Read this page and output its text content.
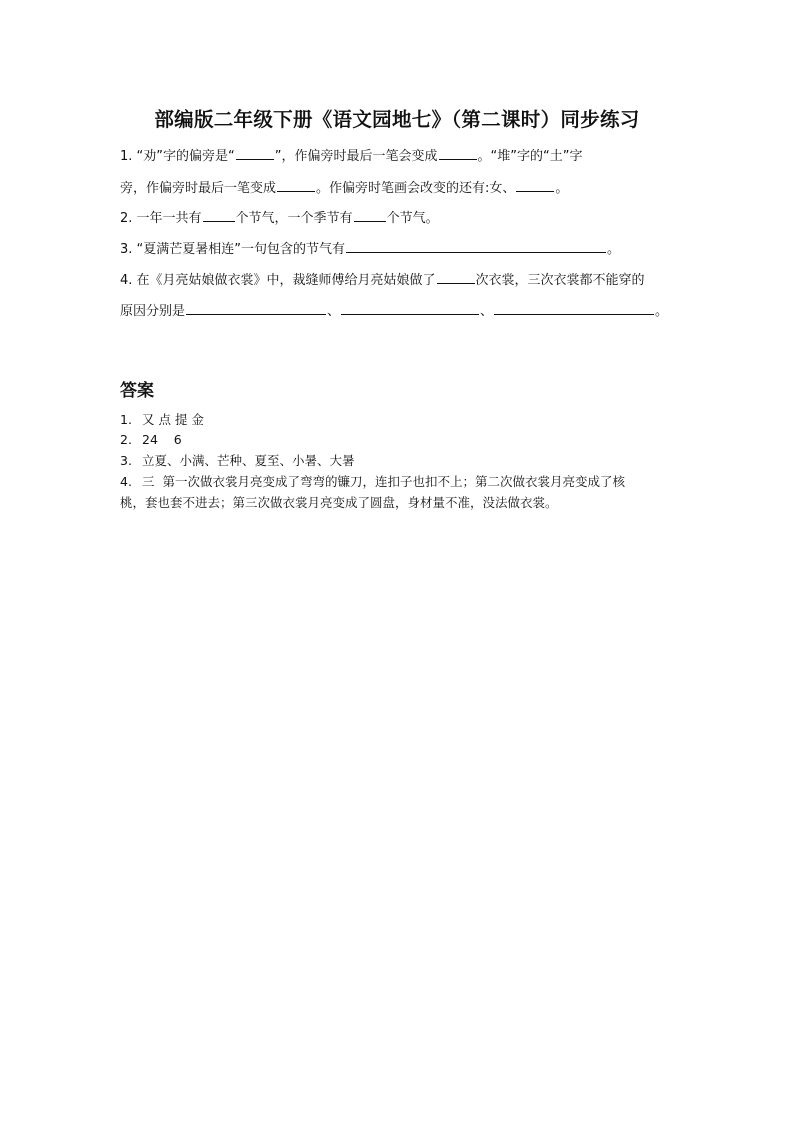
部编版二年级下册《语文园地七》（第二课时）同步练习
1. “劝”字的偏旁是“	”，作偏旁时最后一笔会变成	。“堆”字的“土”字
旁，作偏旁时最后一笔变成	。作偏旁时笔画会改变的还有:女、	。
2. 一年一共有	个节气，一个季节有	个节气。
3. “夏满芒夏暑相连”一句包含的节气有	。
4. 在《月亮姑娘做衣裳》中，裁缝师傅给月亮姑娘做了	次衣裳，三次衣裳都不能穿的
原因分别是	、	、	。
答案
1. 又 点 提 金
2. 24    6
3. 立夏、小满、芒种、夏至、小暑、大暑
4. 三  第一次做衣裳月亮变成了弯弯的镰刀，连扣子也扣不上；第二次做衣裳月亮变成了核
桃，套也套不进去；第三次做衣裳月亮变成了圆盘，身材量不准，没法做衣裳。
